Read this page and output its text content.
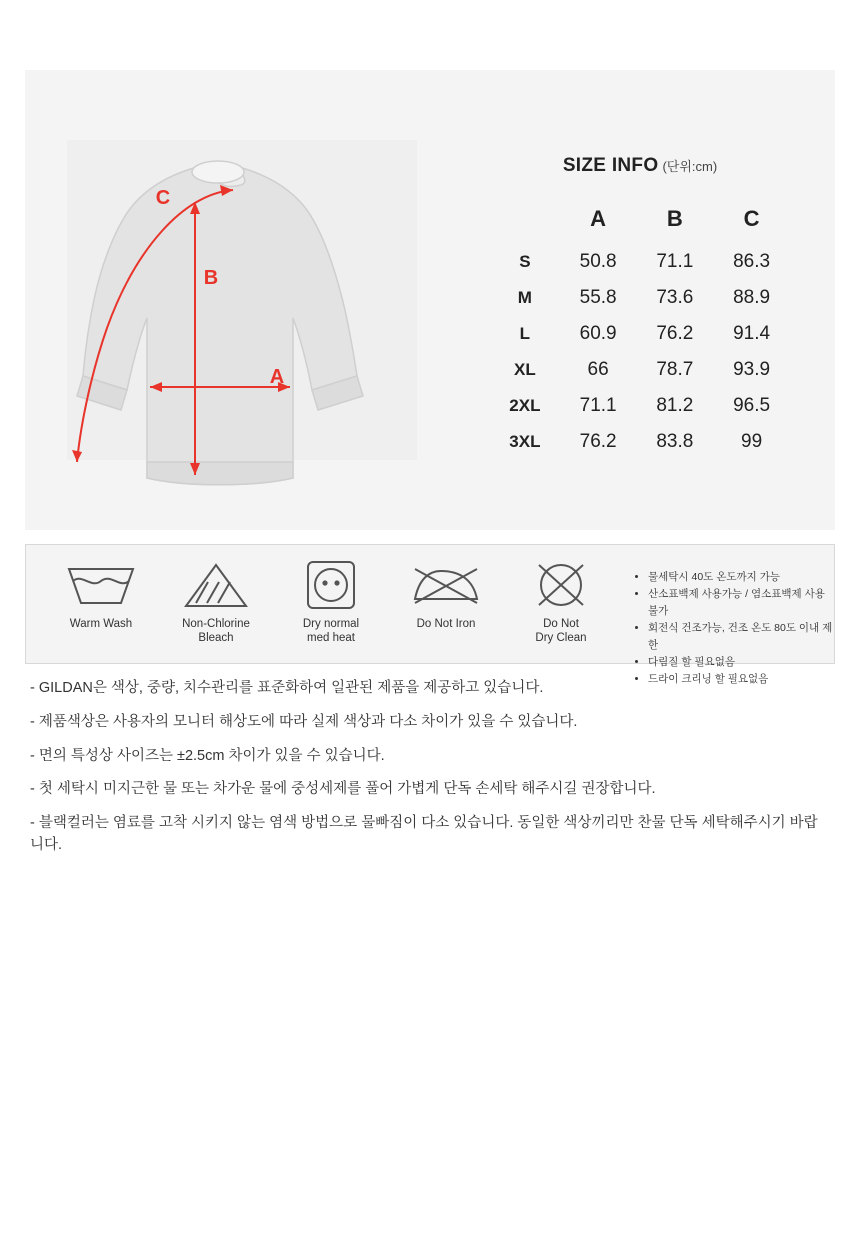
A
B
C
SIZE INFO (단위:cm)
	A	B	C
S	50.8	71.1	86.3
M	55.8	73.6	88.9
L	60.9	76.2	91.4
XL	66	78.7	93.9
2XL	71.1	81.2	96.5
3XL	76.2	83.8	99
Warm Wash	Non-Chlorine
Bleach
Dry normal
med heat
Do Not Iron	Do Not
Dry Clean
• 물세탁시 40도 온도까지 가능
• 산소표백제 사용가능 / 염소표백제 사용불가
• 회전식 건조가능, 건조 온도 80도 이내 제한
• 다림질 할 필요없음
• 드라이 크리닝 할 필요없음

- GILDAN은 색상, 중량, 치수관리를 표준화하여 일관된 제품을 제공하고 있습니다.

- 제품색상은 사용자의 모니터 해상도에 따라 실제 색상과 다소 차이가 있을 수 있습니다.

- 면의 특성상 사이즈는 ±2.5cm 차이가 있을 수 있습니다.

- 첫 세탁시 미지근한 물 또는 차가운 물에 중성세제를 풀어 가볍게 단독 손세탁 해주시길 권장합니다.

- 블랙컬러는 염료를 고착 시키지 않는 염색 방법으로 물빠짐이 다소 있습니다. 동일한 색상끼리만 찬물 단독 세탁해주시기 바랍니다.
